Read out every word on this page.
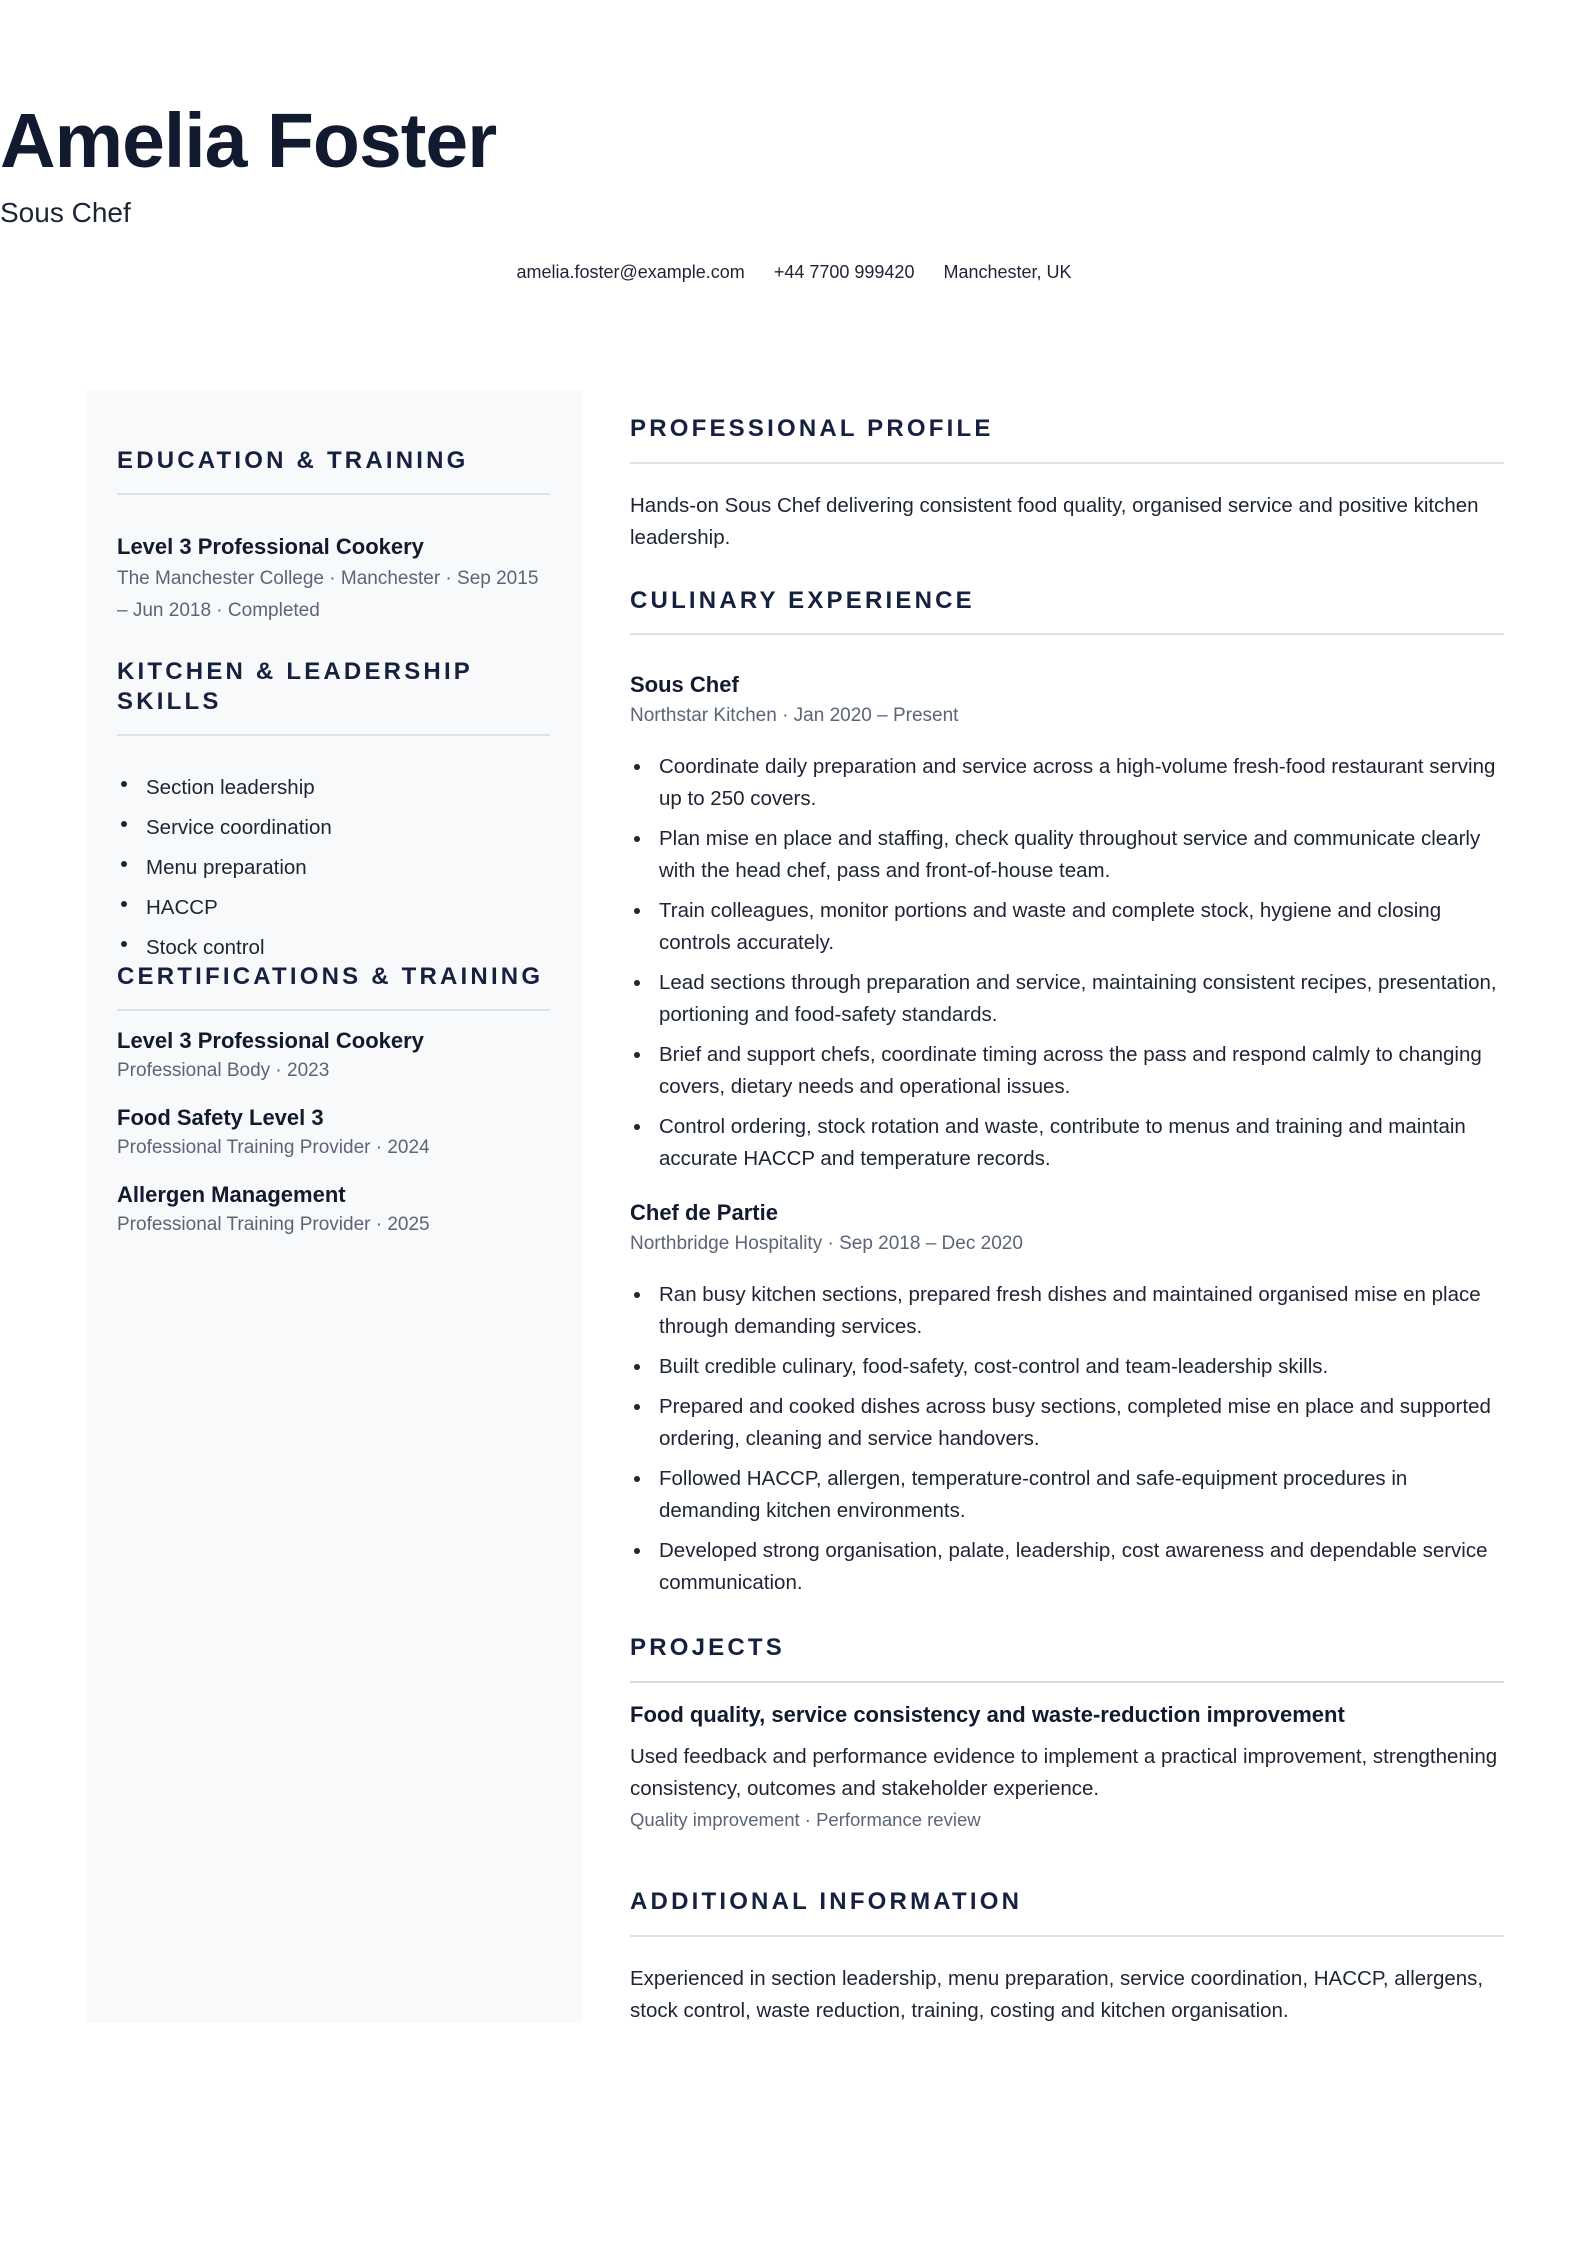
Amelia Foster
Sous Chef
amelia.foster@example.com +44 7700 999420 Manchester, UK
EDUCATION & TRAINING
Level 3 Professional Cookery
The Manchester College · Manchester · Sep 2015 – Jun 2018 · Completed
KITCHEN & LEADERSHIP SKILLS
Section leadership
Service coordination
Menu preparation
HACCP
Stock control
CERTIFICATIONS & TRAINING
Level 3 Professional Cookery
Professional Body · 2023
Food Safety Level 3
Professional Training Provider · 2024
Allergen Management
Professional Training Provider · 2025
PROFESSIONAL PROFILE
Hands-on Sous Chef delivering consistent food quality, organised service and positive kitchen leadership.
CULINARY EXPERIENCE
Sous Chef
Northstar Kitchen · Jan 2020 – Present
Coordinate daily preparation and service across a high-volume fresh-food restaurant serving up to 250 covers.
Plan mise en place and staffing, check quality throughout service and communicate clearly with the head chef, pass and front-of-house team.
Train colleagues, monitor portions and waste and complete stock, hygiene and closing controls accurately.
Lead sections through preparation and service, maintaining consistent recipes, presentation, portioning and food-safety standards.
Brief and support chefs, coordinate timing across the pass and respond calmly to changing covers, dietary needs and operational issues.
Control ordering, stock rotation and waste, contribute to menus and training and maintain accurate HACCP and temperature records.
Chef de Partie
Northbridge Hospitality · Sep 2018 – Dec 2020
Ran busy kitchen sections, prepared fresh dishes and maintained organised mise en place through demanding services.
Built credible culinary, food-safety, cost-control and team-leadership skills.
Prepared and cooked dishes across busy sections, completed mise en place and supported ordering, cleaning and service handovers.
Followed HACCP, allergen, temperature-control and safe-equipment procedures in demanding kitchen environments.
Developed strong organisation, palate, leadership, cost awareness and dependable service communication.
PROJECTS
Food quality, service consistency and waste-reduction improvement
Used feedback and performance evidence to implement a practical improvement, strengthening consistency, outcomes and stakeholder experience.
Quality improvement · Performance review
ADDITIONAL INFORMATION
Experienced in section leadership, menu preparation, service coordination, HACCP, allergens, stock control, waste reduction, training, costing and kitchen organisation.
